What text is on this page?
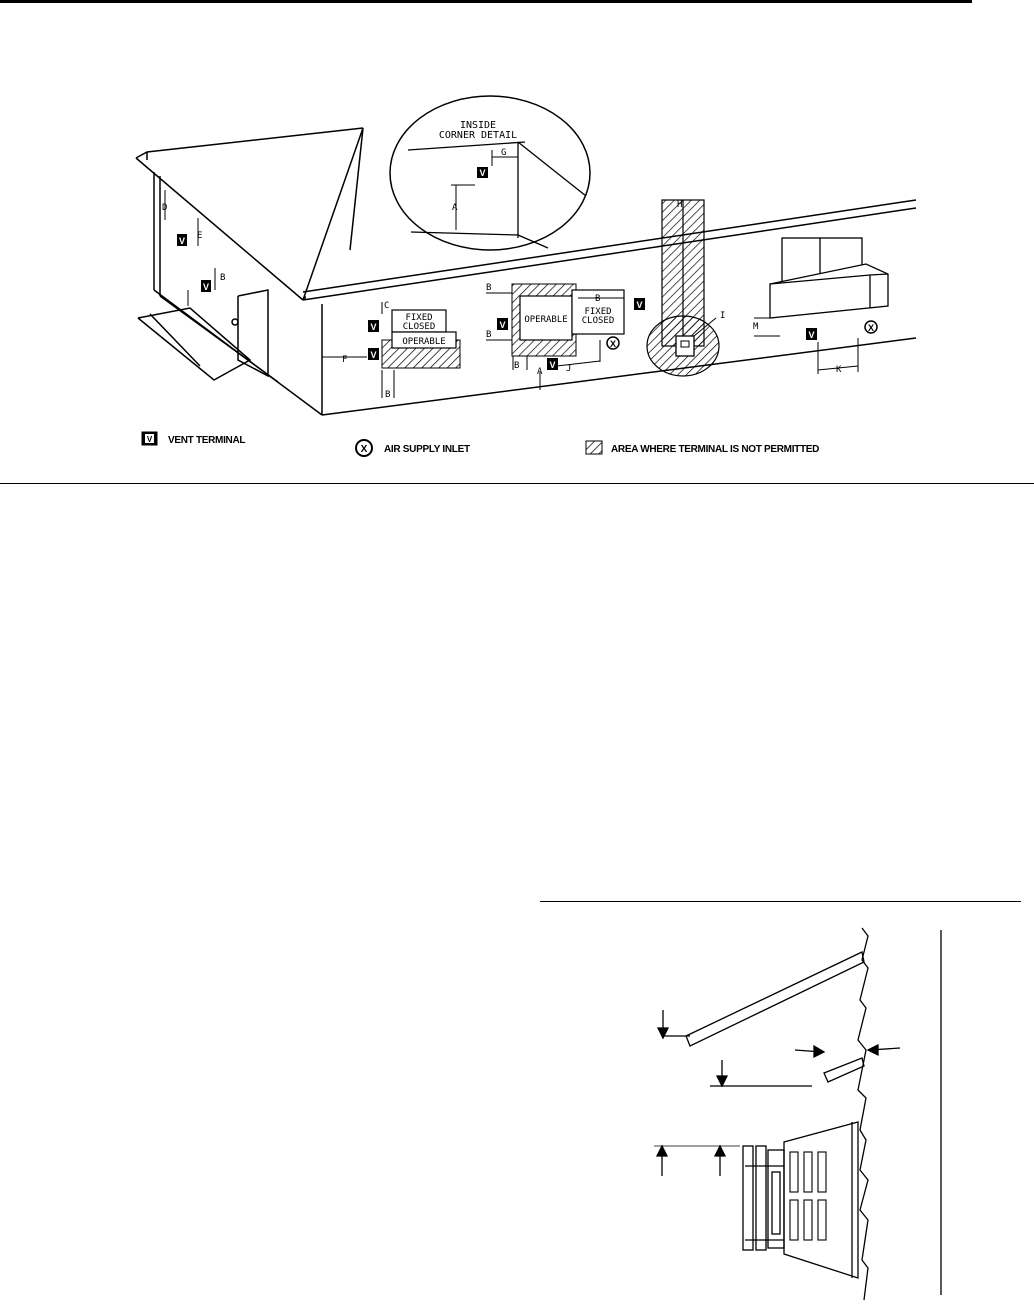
INSIDE
CORNER DETAIL
G
V
A
D
E
V
V
B
FIXED
CLOSED
OPERABLE
C
V
F	V
B
OPERABLE
FIXED
CLOSED
B
B
V
V
B
V
B
A	J
X
H
I
M
V
X
K
V VENT TERMINAL
X AIR SUPPLY INLET	AREA WHERE TERMINAL IS NOT PERMITTED
